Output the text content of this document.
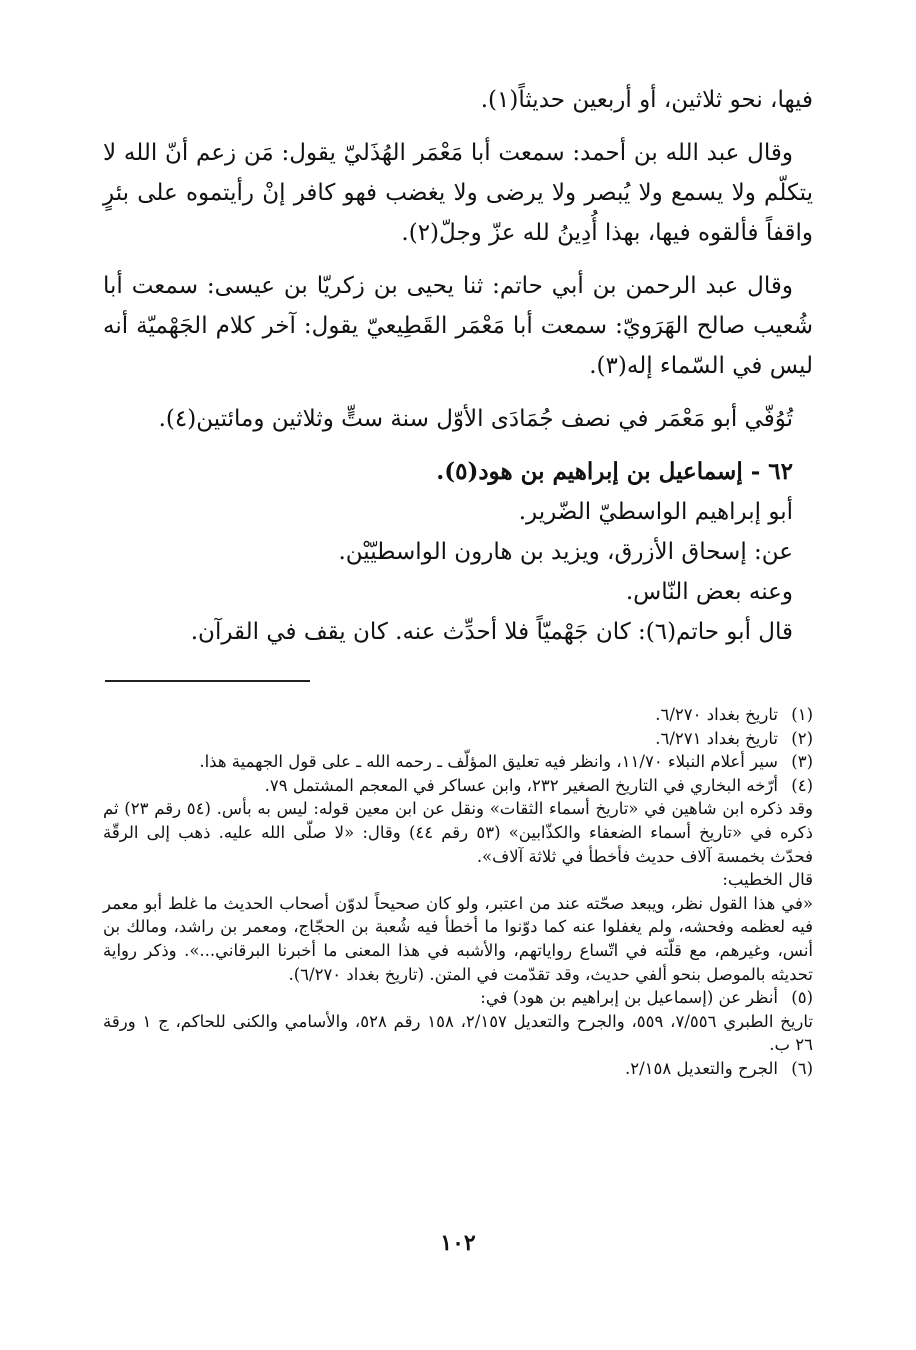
فيها، نحو ثلاثين، أو أربعين حديثاً(١).

وقال عبد الله بن أحمد: سمعت أبا مَعْمَر الهُذَليّ يقول: مَن زعم أنّ الله لا يتكلّم ولا يسمع ولا يُبصر ولا يرضى ولا يغضب فهو كافر إنْ رأيتموه على بئرٍ واقفاً فألقوه فيها، بهذا أُدِينُ لله عزّ وجلّ(٢).

وقال عبد الرحمن بن أبي حاتم: ثنا يحيى بن زكريّا بن عيسى: سمعت أبا شُعيب صالح الهَرَويّ: سمعت أبا مَعْمَر القَطِيعيّ يقول: آخر كلام الجَهْميّة أنه ليس في السّماء إله(٣).

تُوُفّي أبو مَعْمَر في نصف جُمَادَى الأوّل سنة ستٍّ وثلاثين ومائتين(٤).

٦٢ - إسماعيل بن إبراهيم بن هود(٥).

أبو إبراهيم الواسطيّ الضّرير.

عن: إسحاق الأزرق، ويزيد بن هارون الواسطيّيْن.

وعنه بعض النّاس.

قال أبو حاتم(٦): كان جَهْميّاً فلا أحدِّث عنه. كان يقف في القرآن.

(١)
تاريخ بغداد ٦/٢٧٠.
(٢)
تاريخ بغداد ٦/٢٧١.
(٣)
سير أعلام النبلاء ١١/٧٠، وانظر فيه تعليق المؤلّف ـ رحمه الله ـ على قول الجهمية هذا.
(٤)
أرّخه البخاري في التاريخ الصغير ٢٣٢، وابن عساكر في المعجم المشتمل ٧٩.
وقد ذكره ابن شاهين في «تاريخ أسماء الثقات» ونقل عن ابن معين قوله: ليس به بأس. (٥٤ رقم ٢٣) ثم ذكره في «تاريخ أسماء الضعفاء والكذّابين» (٥٣ رقم ٤٤) وقال: «لا صلّى الله عليه. ذهب إلى الرقّة فحدّث بخمسة آلاف حديث فأخطأ في ثلاثة آلاف».
قال الخطيب:
«في هذا القول نظر، ويبعد صحّته عند من اعتبر، ولو كان صحيحاً لدوّن أصحاب الحديث ما غلط أبو معمر فيه لعظمه وفحشه، ولم يغفلوا عنه كما دوّنوا ما أخطأ فيه شُعبة بن الحجّاج، ومعمر بن راشد، ومالك بن أنس، وغيرهم، مع قلّته في اتّساع رواياتهم، والأشبه في هذا المعنى ما أخبرنا البرقاني...». وذكر رواية تحديثه بالموصل بنحو ألفي حديث، وقد تقدّمت في المتن. (تاريخ بغداد ٦/٢٧٠).
(٥)
أنظر عن (إسماعيل بن إبراهيم بن هود) في:
تاريخ الطبري ٧/٥٥٦، ٥٥٩، والجرح والتعديل ٢/١٥٧، ١٥٨ رقم ٥٢٨، والأسامي والكنى للحاكم، ج ١ ورقة ٢٦ ب.
(٦)
الجرح والتعديل ٢/١٥٨.
١٠٢
